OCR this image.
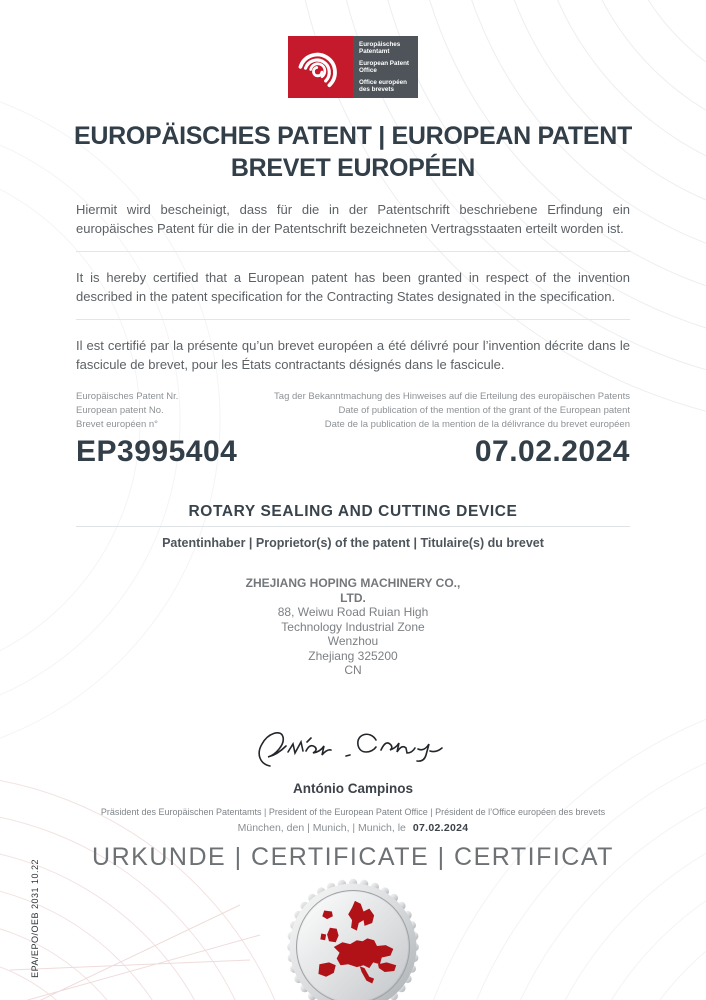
EPA/EPO/OEB 2031 10.22
Europäisches Patentamt
European Patent Office
Office européen des brevets
EUROPÄISCHES PATENT | EUROPEAN PATENT
BREVET EUROPÉEN

Hiermit wird bescheinigt, dass für die in der Patentschrift beschriebene Erfindung ein europäisches Patent für die in der Patentschrift bezeichneten Vertragsstaaten erteilt worden ist.

It is hereby certified that a European patent has been granted in respect of the invention described in the patent specification for the Contracting States designated in the specification.

Il est certifié par la présente qu’un brevet européen a été délivré pour l’invention décrite dans le fascicule de brevet, pour les États contractants désignés dans le fascicule.

Europäisches Patent Nr.
European patent No.
Brevet européen n°
Tag der Bekanntmachung des Hinweises auf die Erteilung des europäischen Patents
Date of publication of the mention of the grant of the European patent
Date de la publication de la mention de la délivrance du brevet européen
EP3995404	07.02.2024
ROTARY SEALING AND CUTTING DEVICE
Patentinhaber | Proprietor(s) of the patent | Titulaire(s) du brevet
ZHEJIANG HOPING MACHINERY CO.,
LTD.
88, Weiwu Road Ruian High
Technology Industrial Zone
Wenzhou
Zhejiang 325200
CN
António Campinos
Präsident des Europäischen Patentamts | President of the European Patent Office | Président de l’Office européen des brevets
München, den | Munich, | Munich, le 07.02.2024
URKUNDE | CERTIFICATE | CERTIFICAT
